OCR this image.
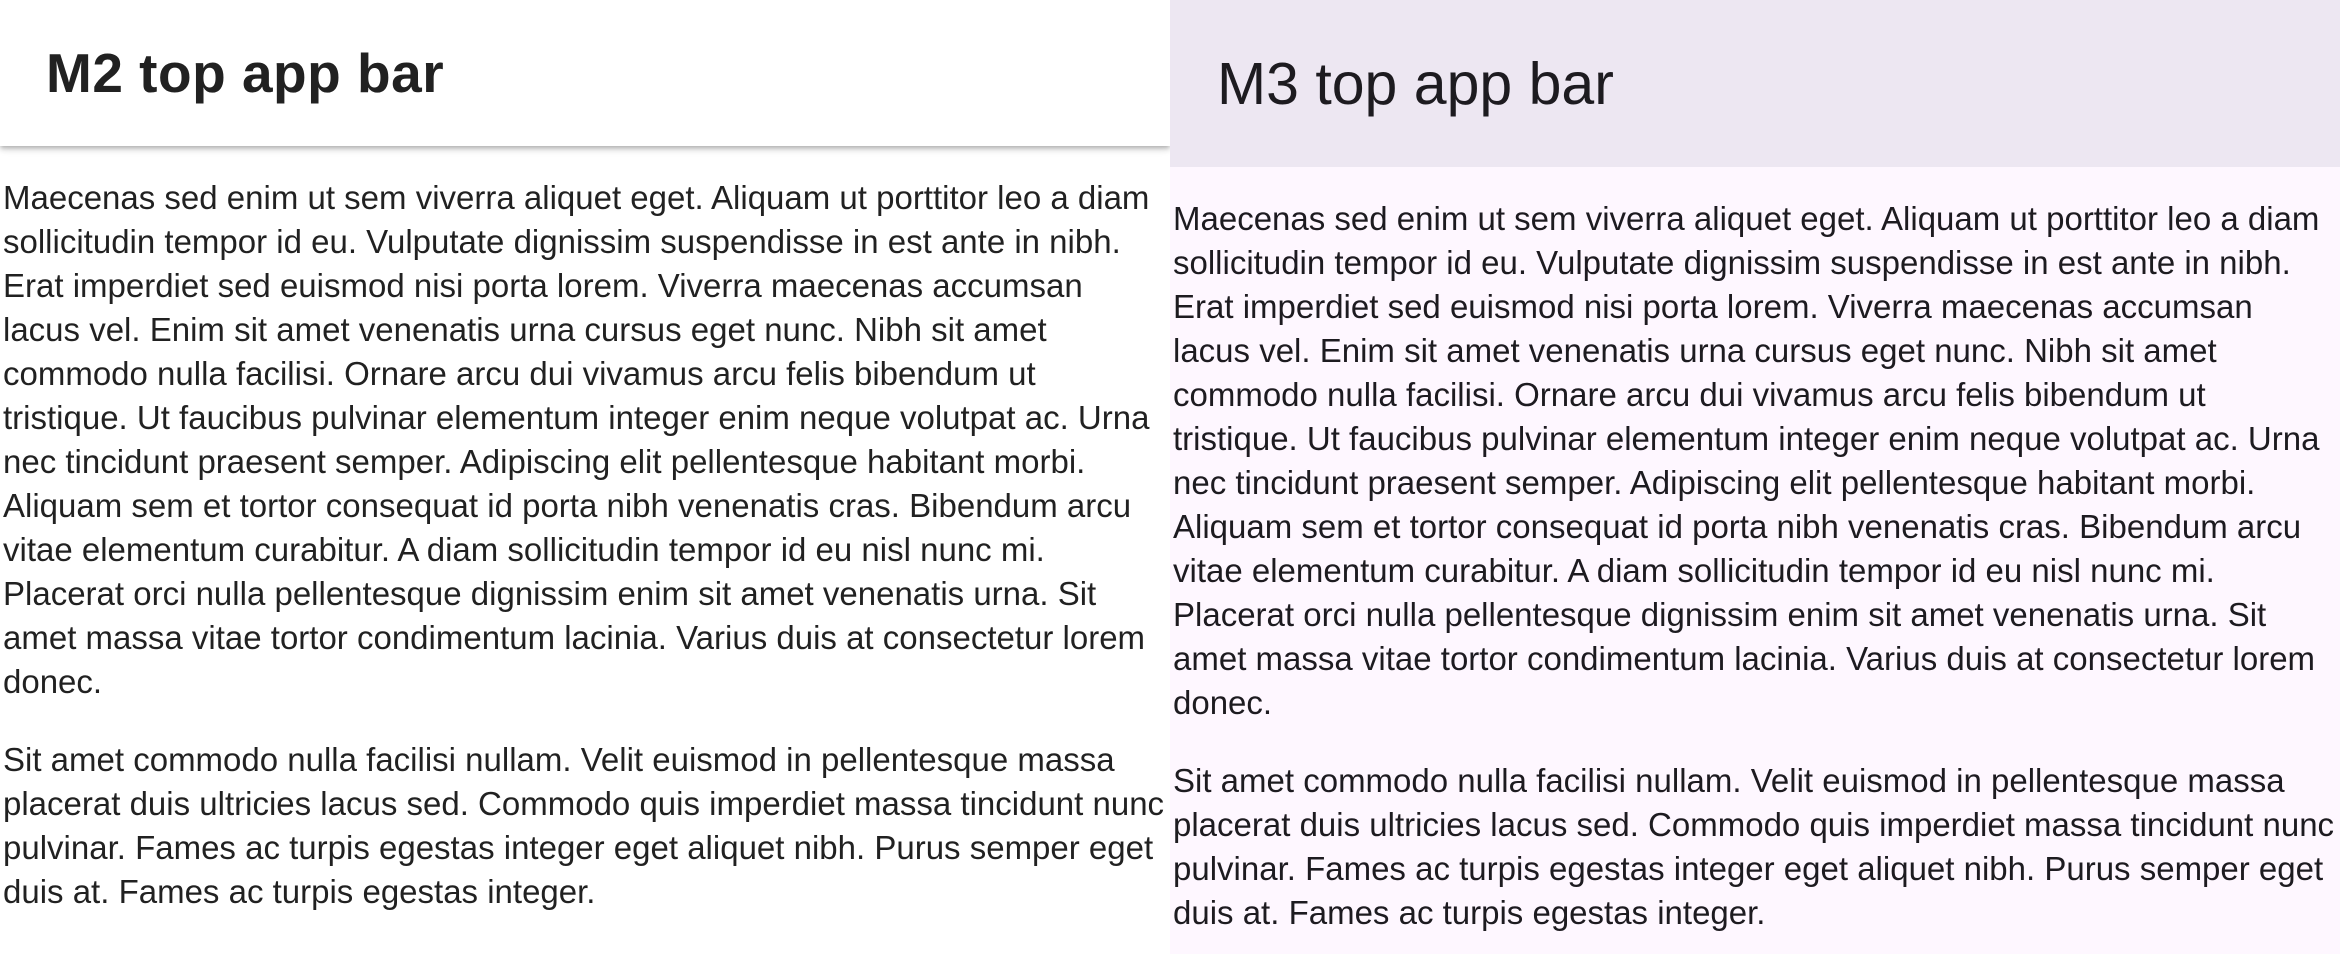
M2 top app bar

Maecenas sed enim ut sem viverra aliquet eget. Aliquam ut porttitor leo a diam sollicitudin tempor id eu. Vulputate dignissim suspendisse in est ante in nibh. Erat imperdiet sed euismod nisi porta lorem. Viverra maecenas accumsan lacus vel. Enim sit amet venenatis urna cursus eget nunc. Nibh sit amet commodo nulla facilisi. Ornare arcu dui vivamus arcu felis bibendum ut tristique. Ut faucibus pulvinar elementum integer enim neque volutpat ac. Urna nec tincidunt praesent semper. Adipiscing elit pellentesque habitant morbi. Aliquam sem et tortor consequat id porta nibh venenatis cras. Bibendum arcu vitae elementum curabitur. A diam sollicitudin tempor id eu nisl nunc mi. Placerat orci nulla pellentesque dignissim enim sit amet venenatis urna. Sit amet massa vitae tortor condimentum lacinia. Varius duis at consectetur lorem donec.

Sit amet commodo nulla facilisi nullam. Velit euismod in pellentesque massa placerat duis ultricies lacus sed. Commodo quis imperdiet massa tincidunt nunc pulvinar. Fames ac turpis egestas integer eget aliquet nibh. Purus semper eget duis at. Fames ac turpis egestas integer.

M3 top app bar

Maecenas sed enim ut sem viverra aliquet eget. Aliquam ut porttitor leo a diam sollicitudin tempor id eu. Vulputate dignissim suspendisse in est ante in nibh. Erat imperdiet sed euismod nisi porta lorem. Viverra maecenas accumsan lacus vel. Enim sit amet venenatis urna cursus eget nunc. Nibh sit amet commodo nulla facilisi. Ornare arcu dui vivamus arcu felis bibendum ut tristique. Ut faucibus pulvinar elementum integer enim neque volutpat ac. Urna nec tincidunt praesent semper. Adipiscing elit pellentesque habitant morbi. Aliquam sem et tortor consequat id porta nibh venenatis cras. Bibendum arcu vitae elementum curabitur. A diam sollicitudin tempor id eu nisl nunc mi. Placerat orci nulla pellentesque dignissim enim sit amet venenatis urna. Sit amet massa vitae tortor condimentum lacinia. Varius duis at consectetur lorem donec.

Sit amet commodo nulla facilisi nullam. Velit euismod in pellentesque massa placerat duis ultricies lacus sed. Commodo quis imperdiet massa tincidunt nunc pulvinar. Fames ac turpis egestas integer eget aliquet nibh. Purus semper eget duis at. Fames ac turpis egestas integer.
